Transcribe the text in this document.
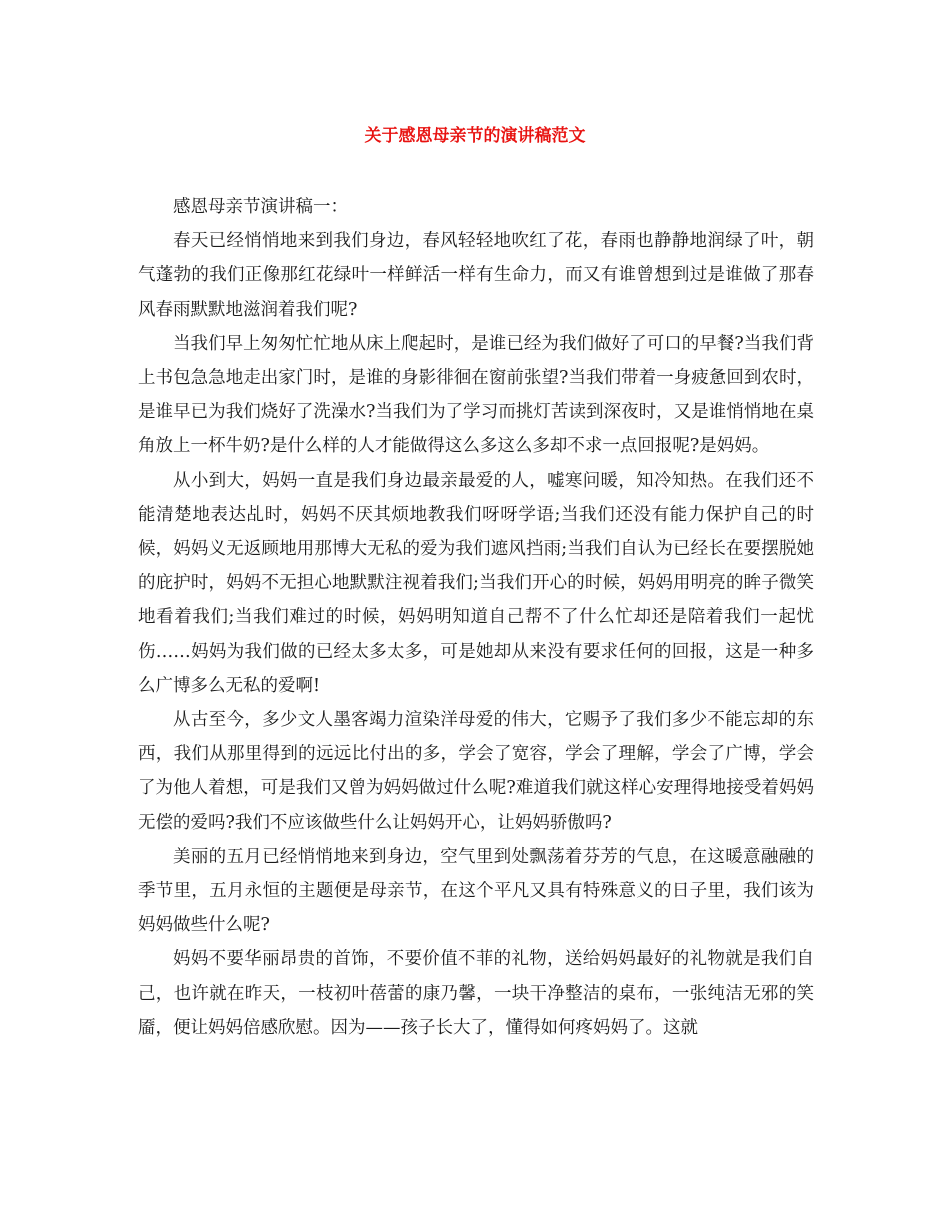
关于感恩母亲节的演讲稿范文

感恩母亲节演讲稿一：

春天已经悄悄地来到我们身边，春风轻轻地吹红了花，春雨也静静地润绿了叶，朝气蓬勃的我们正像那红花绿叶一样鲜活一样有生命力，而又有谁曾想到过是谁做了那春风春雨默默地滋润着我们呢?

当我们早上匆匆忙忙地从床上爬起时，是谁已经为我们做好了可口的早餐?当我们背上书包急急地走出家门时，是谁的身影徘徊在窗前张望?当我们带着一身疲惫回到农时，是谁早已为我们烧好了洗澡水?当我们为了学习而挑灯苦读到深夜时，又是谁悄悄地在桌角放上一杯牛奶?是什么样的人才能做得这么多这么多却不求一点回报呢?是妈妈。

从小到大，妈妈一直是我们身边最亲最爱的人，嘘寒问暖，知冷知热。在我们还不能清楚地表达乩时，妈妈不厌其烦地教我们呀呀学语;当我们还没有能力保护自己的时候，妈妈义无返顾地用那博大无私的爱为我们遮风挡雨;当我们自认为已经长在要摆脱她的庇护时，妈妈不无担心地默默注视着我们;当我们开心的时候，妈妈用明亮的眸子微笑地看着我们;当我们难过的时候，妈妈明知道自己帮不了什么忙却还是陪着我们一起忧伤……妈妈为我们做的已经太多太多，可是她却从来没有要求任何的回报，这是一种多么广博多么无私的爱啊!

从古至今，多少文人墨客竭力渲染洋母爱的伟大，它赐予了我们多少不能忘却的东西，我们从那里得到的远远比付出的多，学会了宽容，学会了理解，学会了广博，学会了为他人着想，可是我们又曾为妈妈做过什么呢?难道我们就这样心安理得地接受着妈妈无偿的爱吗?我们不应该做些什么让妈妈开心，让妈妈骄傲吗?

美丽的五月已经悄悄地来到身边，空气里到处飘荡着芬芳的气息，在这暖意融融的季节里，五月永恒的主题便是母亲节，在这个平凡又具有特殊意义的日子里，我们该为妈妈做些什么呢?

妈妈不要华丽昂贵的首饰，不要价值不菲的礼物，送给妈妈最好的礼物就是我们自己，也许就在昨天，一枝初叶蓓蕾的康乃馨，一块干净整洁的桌布，一张纯洁无邪的笑靥，便让妈妈倍感欣慰。因为——孩子长大了，懂得如何疼妈妈了。这就
